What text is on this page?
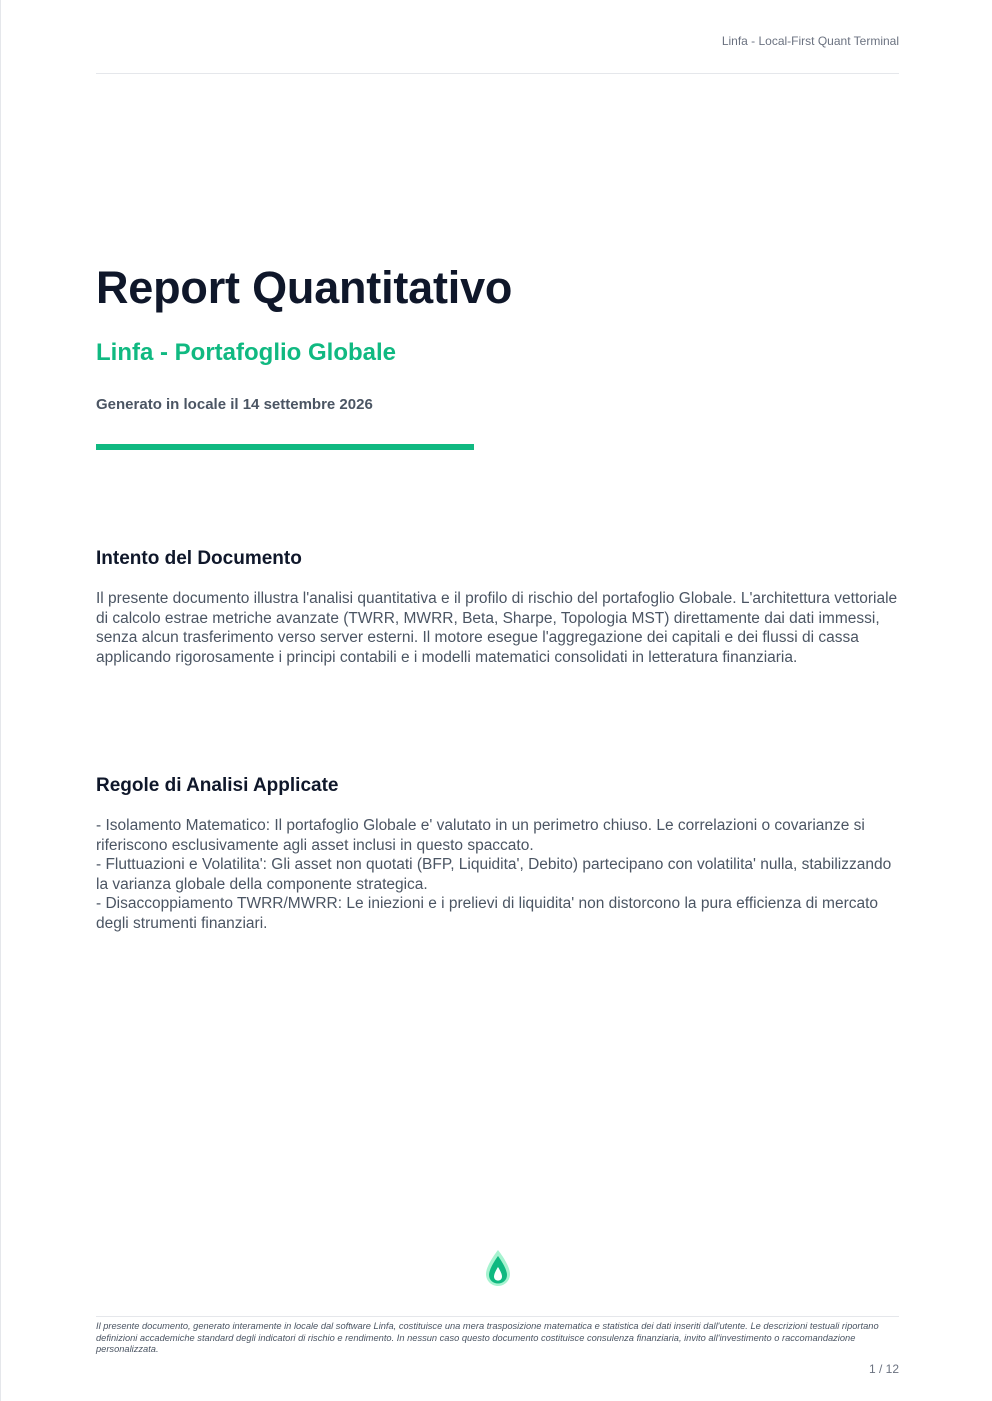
Linfa - Local-First Quant Terminal
Report Quantitativo
Linfa - Portafoglio Globale

Generato in locale il 14 settembre 2026

Intento del Documento

Il presente documento illustra l'analisi quantitativa e il profilo di rischio del portafoglio Globale. L'architettura vettoriale di calcolo estrae metriche avanzate (TWRR, MWRR, Beta, Sharpe, Topologia MST) direttamente dai dati immessi, senza alcun trasferimento verso server esterni. Il motore esegue l'aggregazione dei capitali e dei flussi di cassa applicando rigorosamente i principi contabili e i modelli matematici consolidati in letteratura finanziaria.

Regole di Analisi Applicate
- Isolamento Matematico: Il portafoglio Globale e' valutato in un perimetro chiuso. Le correlazioni o covarianze si riferiscono esclusivamente agli asset inclusi in questo spaccato.
- Fluttuazioni e Volatilita': Gli asset non quotati (BFP, Liquidita', Debito) partecipano con volatilita' nulla, stabilizzando la varianza globale della componente strategica.
- Disaccoppiamento TWRR/MWRR: Le iniezioni e i prelievi di liquidita' non distorcono la pura efficienza di mercato degli strumenti finanziari.

Il presente documento, generato interamente in locale dal software Linfa, costituisce una mera trasposizione matematica e statistica dei dati inseriti dall'utente. Le descrizioni testuali riportano definizioni accademiche standard degli indicatori di rischio e rendimento. In nessun caso questo documento costituisce consulenza finanziaria, invito all'investimento o raccomandazione personalizzata.

1 / 12
